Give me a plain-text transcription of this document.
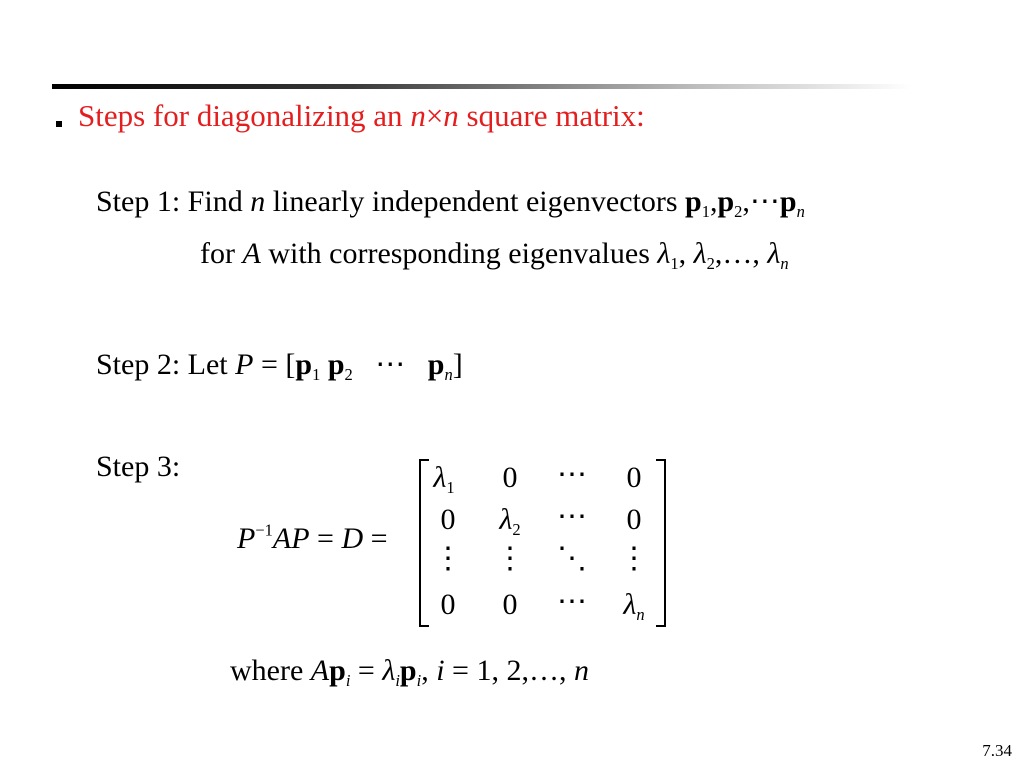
Steps for diagonalizing an n×n square matrix:
Step 1: Find n linearly independent eigenvectors $p_1,p_2,\cdots p_n$
for A with corresponding eigenvalues $\lambda_1$, $\lambda_2,\dots$, $\lambda_n$
Step 2: Let $P = [p_1$ $p_2$ ⋯ $p_n$]
Step 3:
$P^{-1}AP = D$ =
$\lambda_1$	0	⋯	0
0	$\lambda_2$	⋯	0
⋮	⋮	⋱	⋮
0	0	⋯	$\lambda_n$
where $Ap_i = \lambda_ip_i$, i = 1, 2,…, n
7.34
